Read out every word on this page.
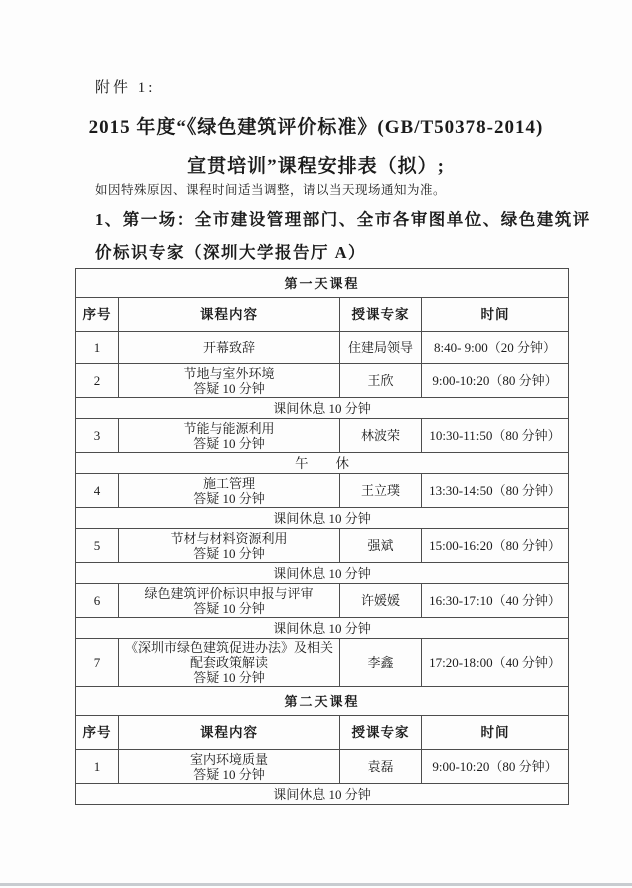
附件 1:
2015 年度“《绿色建筑评价标准》(GB/T50378-2014)
宣贯培训”课程安排表（拟）;
如因特殊原因、课程时间适当调整，请以当天现场通知为准。
1、第一场：全市建设管理部门、全市各审图单位、绿色建筑评
价标识专家（深圳大学报告厅 A）
第一天课程			
序号	课程内容	授课专家	时间
1	开幕致辞	住建局领导	8:40- 9:00（20 分钟）
2	节地与室外环境
答疑 10 分钟	王欣	9:00-10:20（80 分钟）
课间休息 10 分钟			
3	节能与能源利用
答疑 10 分钟	林波荣	10:30-11:50（80 分钟）
午　　休			
4	施工管理
答疑 10 分钟	王立璞	13:30-14:50（80 分钟）
课间休息 10 分钟			
5	节材与材料资源利用
答疑 10 分钟	强斌	15:00-16:20（80 分钟）
课间休息 10 分钟			
6	绿色建筑评价标识申报与评审
答疑 10 分钟	许媛媛	16:30-17:10（40 分钟）
课间休息 10 分钟			
7	《深圳市绿色建筑促进办法》及相关
配套政策解读
答疑 10 分钟	李鑫	17:20-18:00（40 分钟）
第二天课程			
序号	课程内容	授课专家	时间
1	室内环境质量
答疑 10 分钟	袁磊	9:00-10:20（80 分钟）
课间休息 10 分钟			
